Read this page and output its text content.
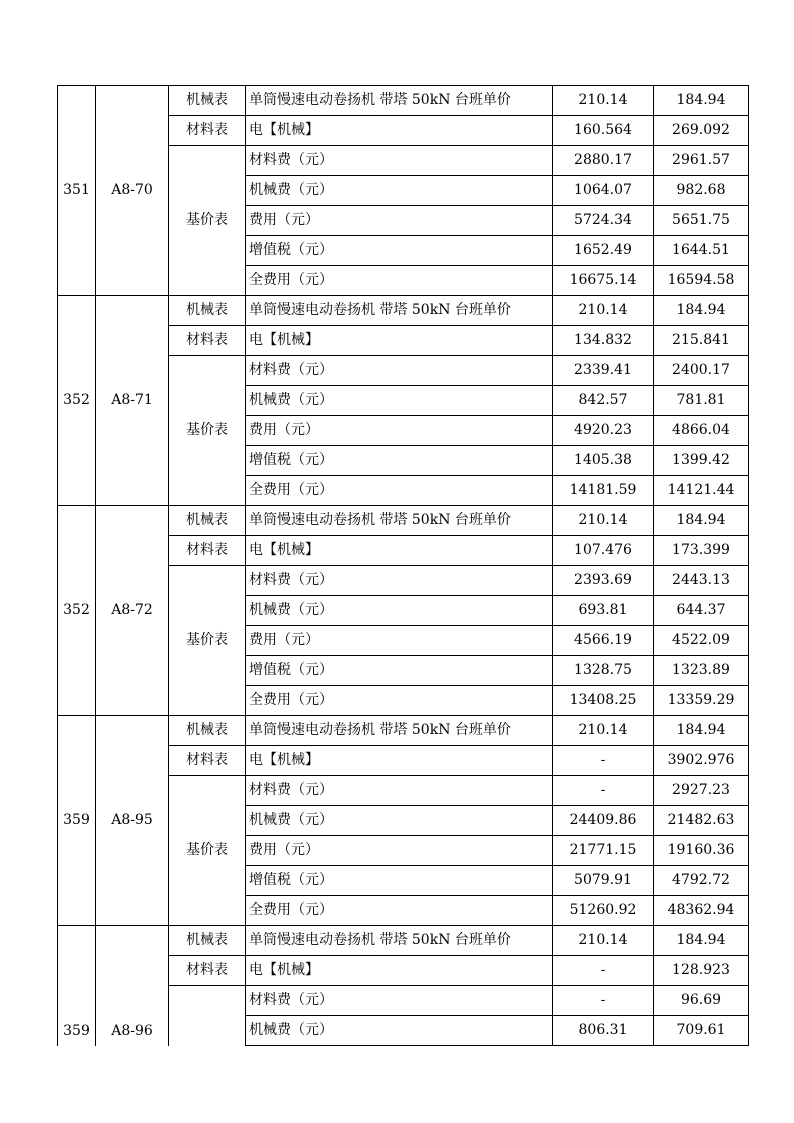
351	A8-70	机械表	单筒慢速电动卷扬机 带塔 50kN 台班单价	210.14	184.94
		材料表	电【机械】	160.564	269.092
		基价表	材料费（元）	2880.17	2961.57
			机械费（元）	1064.07	982.68
			费用（元）	5724.34	5651.75
			增值税（元）	1652.49	1644.51
			全费用（元）	16675.14	16594.58
352	A8-71	机械表	单筒慢速电动卷扬机 带塔 50kN 台班单价	210.14	184.94
		材料表	电【机械】	134.832	215.841
		基价表	材料费（元）	2339.41	2400.17
			机械费（元）	842.57	781.81
			费用（元）	4920.23	4866.04
			增值税（元）	1405.38	1399.42
			全费用（元）	14181.59	14121.44
352	A8-72	机械表	单筒慢速电动卷扬机 带塔 50kN 台班单价	210.14	184.94
		材料表	电【机械】	107.476	173.399
		基价表	材料费（元）	2393.69	2443.13
			机械费（元）	693.81	644.37
			费用（元）	4566.19	4522.09
			增值税（元）	1328.75	1323.89
			全费用（元）	13408.25	13359.29
359	A8-95	机械表	单筒慢速电动卷扬机 带塔 50kN 台班单价	210.14	184.94
		材料表	电【机械】	-	3902.976
		基价表	材料费（元）	-	2927.23
			机械费（元）	24409.86	21482.63
			费用（元）	21771.15	19160.36
			增值税（元）	5079.91	4792.72
			全费用（元）	51260.92	48362.94
359	A8-96	机械表	单筒慢速电动卷扬机 带塔 50kN 台班单价	210.14	184.94
		材料表	电【机械】	-	128.923
			材料费（元）	-	96.69
			机械费（元）	806.31	709.61
